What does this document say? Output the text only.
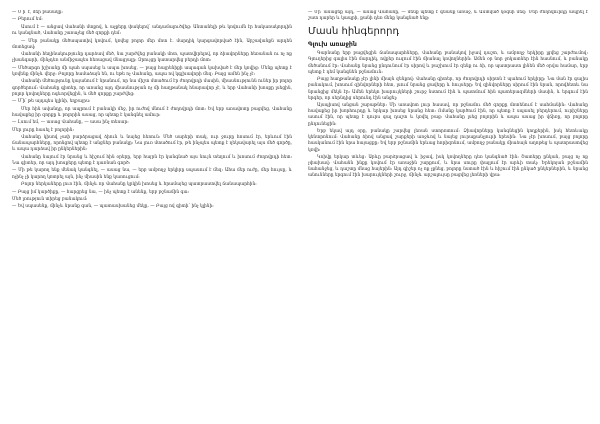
— Մ՛ի՛ է, ձեր բանակը։

— Բերում եմ։

Ասում է — անցավ Վահանի մտքով, և աչքերը փակելով՝ անդամալուծվեց։ Անտանելի թև կռվումն էր հակառակորդին ու կանգնած, Վահանը շառաչեց մեծ զորքի դեմ։

— Մեր բանակը մեծապատիվ կռվում, կռվեց բոլոր մեր մոտ է. մարդիկ կարգավորված էին, Արշավանքն արդեն մոտեցավ։

Վահանի հեղինակությունը դարձավ մեծ, նա շարժվեց բանակի մոտ, պատվիրելով, որ ձիավորները հեռանան ու ոչ ոք չխանգարի, մինչդեռ անմիջապես հեռացավ մնացյալը։ Զրույցը կատարվեց բերդի մոտ։

— Մեծարգո իշխանը մի պահ սպասեց և ապա խոսեց, — բայց հայրենիքի ապագան կախված է մեր կռվից։ Մենք պետք է կռվենք մինչև վերջ։ Բոլորը համաձայն են, ու եթե ոչ Վահանը, ապա ով կգլխավորի մեզ։ Բայց ամեն ինչ չէ։

Վահանի մեծությունը կայանում է նրանում, որ նա միշտ մտածում էր ժողովրդի մասին, միասնությունն ուներ իր բոլոր գործերում։ Վահանը գիտեր, որ առանց այդ միասնության ոչ մի հաղթանակ հնարավոր չէ, և երբ Վահանի խոսքը լսեցին, բոլոր կռվողները ոգևորվեցին, և մեծ զորքը շարժվեց։

— Մ՛ի՛ թե այդպես կլինի, եղբայրս։

Մեր հին ավանդը, որ ապրում է բանակի մեջ, իր ուժով մնում է ժողովրդի մոտ։ Եվ երբ առավոտը բացվեց, Վահանը հավաքեց իր զորքը և բոլորին ասաց, որ պետք է կանգնել ամուր։

— Լսում եմ, — ասաց Վահանը, — ասա ինչ տեսար։

Մեր լուրը հասել է բոլորին։

Վահանը կիսով չափ բարձրացավ ձիուն և նայեց հեռուն։ Մեծ սարերի տակ, ուր ջուրը հոսում էր, երևում էին ճանապարհները, որոնցով պետք է անցներ բանակը։ Նա լուռ մտածում էր, թե ինչպես պետք է ղեկավարել այս մեծ գործը, և ապա դարձավ իր ընկերներին։

Վահանը նայում էր նրանց և հիշում հին օրերը, երբ հայրն էր կանգնած այս նույն տեղում և խոսում ժողովրդի հետ։ Նա գիտեր, որ այդ խոսքերը պետք է դառնան գործ։

— Մի թե կարող ենք մենակ կանգնել, — ասաց նա, — երբ ամբողջ երկիրը սպասում է մեզ։ Ահա մեր ուժը, մեր հույսը, և ոչինչ չի կարող կոտրել այն, ինչ միասին ենք կառուցում։

Բոլոր ներկաները լուռ էին, մինչև որ Վահանը կրկին խոսեց և հրամայեց պատրաստվել ճանապարհին։

— Բայց իմ կարծիքը, — հարցրեց նա, — ինչ պետք է անենք, երբ թշնամին գա։

Մեծ լռություն տիրեց բանակում։

— Եվ սպասենք, մինչև նրանք գան, — պատասխանեց մեկը. — Բայց ով գիտի՝ ինչ կլինի։

— Մի՛ ասացեք այդ, — ասաց Վահանը, — մենք պետք է գնանք առաջ, և Աստված կօգնի մեզ։ Մեր ժողովուրդը ապրել է շատ դարեր և կապրի, քանի դեռ մենք կանգնած ենք։

Մասն հինգերորդ
Գլուխ առաջին

Գարնանը երբ բացվեցին ճանապարհները, Վահանը բանակով իջավ դաշտ, և ամբողջ երկիրը լցվեց շարժումով։ Գյուղերից գալիս էին մարդիկ, ովքեր ուզում էին միանալ կռվողներին։ Ամեն օր նոր ջոկատներ էին հասնում, և բանակը մեծանում էր։ Վահանը նրանց ընդունում էր սիրով և բաշխում էր զենք ու ձի, որ պատրաստ լինեն մեծ օրվա համար, երբ պետք է դեմ կանգնեն թշնամուն։

Բայց հաղթանակը չէր լինի միայն զենքով։ Վահանը գիտեր, որ ժողովրդի սիրտն է պահում երկիրը։ Նա ման էր գալիս բանակում, խոսում զինվորների հետ, լսում նրանց ցավերը և հույսերը։ Եվ զինվորները սիրում էին նրան, որովհետև նա նրանցից մեկն էր։ Ամեն երեկո խարույկների շուրջ նստում էին և պատմում հին պատերազմների մասին, և երգում էին երգեր, որ սերնդից սերունդ էին անցել։

Այսպիսով անցան շաբաթներ։ Մի առավոտ լուր հասավ, որ թշնամու մեծ զորքը մոտենում է սահմանին։ Վահանը հավաքեց իր խորհուրդը և երկար խոսեց նրանց հետ։ Ոմանք կարծում էին, որ պետք է սպասել բերդերում, ուրիշները ասում էին, որ պետք է դուրս գալ դաշտ և կռվել բաց։ Վահանը լսեց բոլորին և ապա ասաց իր վճիռը, որ բոլորը ընդունեցին։

Երբ եկավ այդ օրը, բանակը շարվեց լեռան ստորոտում։ Ձիավորները կանգնեցին կողքերին, իսկ հետևակը կենտրոնում։ Վահանը ձիով անցավ շարքերի առջևով և նայեց յուրաքանչյուրի երեսին։ Նա չէր խոսում, բայց բոլորը հասկանում էին նրա հայացքը։ Եվ երբ թշնամին երևաց հորիզոնում, ամբողջ բանակը միաձայն աղոթեց և պատրաստվեց կռվի։

Կռիվը երկար տևեց։ Արևը բարձրացավ և իջավ, իսկ կռվողները դեռ կանգնած էին։ Շատերը ընկան, բայց ոչ ոք չփախավ։ Վահանն ինքը կռվում էր առաջին շարքում, և նրա սուրը փայլում էր արևի տակ։ Երեկոյան թշնամին նահանջեց, և դաշտը մնաց հայերին։ Այդ գիշեր ոչ ոք չքնեց, բոլորը նստած էին և հիշում էին ընկած ընկերներին, և նրանց անունները երգում էին խարույկների շուրջ, մինչև արշալույսը բացվեց լեռների վրա։
